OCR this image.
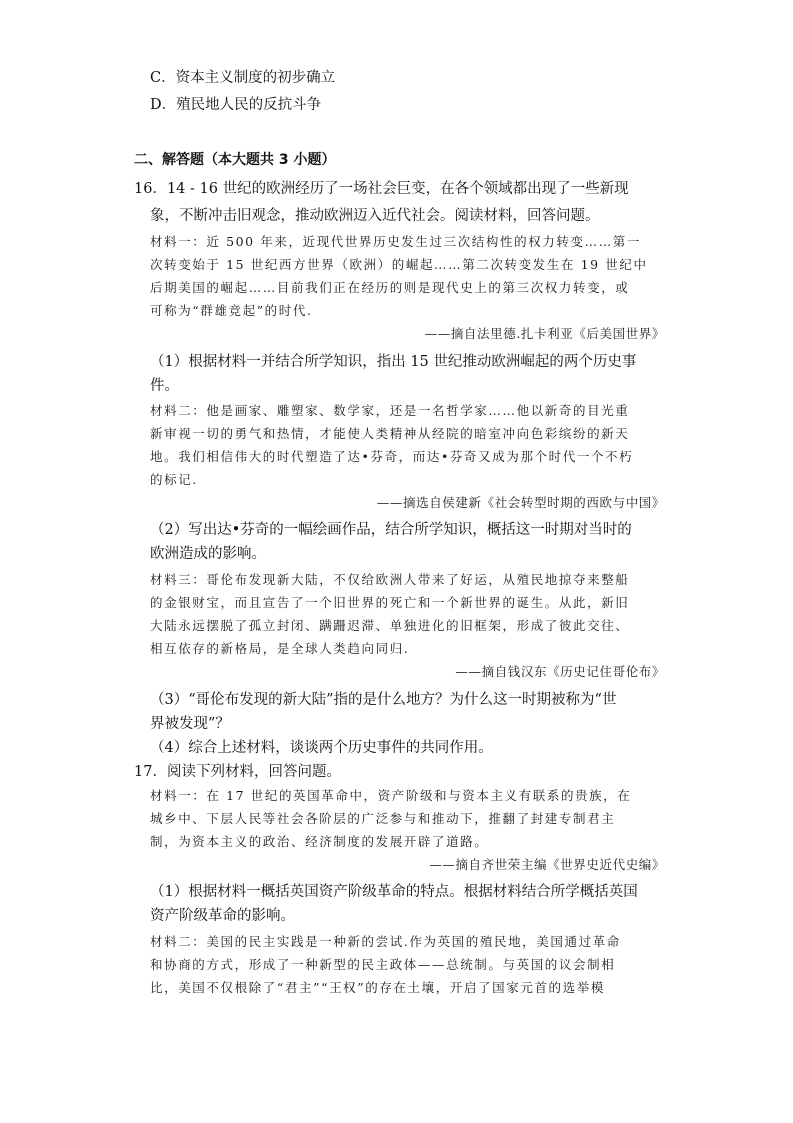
C．资本主义制度的初步确立
D．殖民地人民的反抗斗争
二、解答题（本大题共 3 小题）
16．14 - 16 世纪的欧洲经历了一场社会巨变，在各个领域都出现了一些新现
象，不断冲击旧观念，推动欧洲迈入近代社会。阅读材料，回答问题。
材料一：近 500 年来，近现代世界历史发生过三次结构性的权力转变……第一
次转变始于 15 世纪西方世界（欧洲）的崛起……第二次转变发生在 19 世纪中
后期美国的崛起……目前我们正在经历的则是现代史上的第三次权力转变，或
可称为“群雄竞起”的时代.
——摘自法里德.扎卡利亚《后美国世界》
（1）根据材料一并结合所学知识，指出 15 世纪推动欧洲崛起的两个历史事
件。
材料二：他是画家、雕塑家、数学家，还是一名哲学家……他以新奇的目光重
新审视一切的勇气和热情，才能使人类精神从经院的暗室冲向色彩缤纷的新天
地。我们相信伟大的时代塑造了达•芬奇，而达•芬奇又成为那个时代一个不朽
的标记.
——摘选自侯建新《社会转型时期的西欧与中国》
（2）写出达•芬奇的一幅绘画作品，结合所学知识，概括这一时期对当时的
欧洲造成的影响。
材料三：哥伦布发现新大陆，不仅给欧洲人带来了好运，从殖民地掠夺来整船
的金银财宝，而且宣告了一个旧世界的死亡和一个新世界的诞生。从此，新旧
大陆永远摆脱了孤立封闭、蹒跚迟滞、单独进化的旧框架，形成了彼此交往、
相互依存的新格局，是全球人类趋向同归.
——摘自钱汉东《历史记住哥伦布》
（3）“哥伦布发现的新大陆”指的是什么地方？为什么这一时期被称为“世
界被发现”？
（4）综合上述材料，谈谈两个历史事件的共同作用。
17．阅读下列材料，回答问题。
材料一：在 17 世纪的英国革命中，资产阶级和与资本主义有联系的贵族，在
城乡中、下层人民等社会各阶层的广泛参与和推动下，推翻了封建专制君主
制，为资本主义的政治、经济制度的发展开辟了道路。
——摘自齐世荣主编《世界史近代史编》
（1）根据材料一概括英国资产阶级革命的特点。根据材料结合所学概括英国
资产阶级革命的影响。
材料二：美国的民主实践是一种新的尝试.作为英国的殖民地，美国通过革命
和协商的方式，形成了一种新型的民主政体——总统制。与英国的议会制相
比，美国不仅根除了“君主”“王权”的存在土壤，开启了国家元首的选举模
